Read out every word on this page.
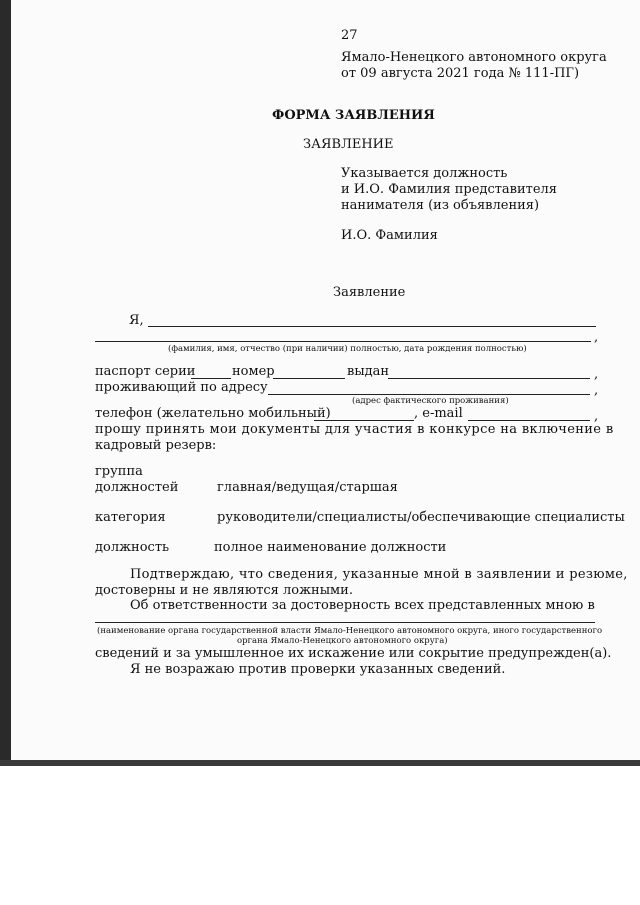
27
Ямало-Ненецкого автономного округа
от 09 августа 2021 года № 111-ПГ)
ФОРМА ЗАЯВЛЕНИЯ
ЗАЯВЛЕНИЕ
Указывается должность
и И.О. Фамилия представителя
нанимателя (из объявления)
И.О. Фамилия
Заявление
Я,
,
(фамилия, имя, отчество (при наличии) полностью, дата рождения полностью)
паспорт серии	номер	выдан	,
проживающий по адресу	,
(адрес фактического проживания)
телефон (желательно мобильный)	, e-mail	,
прошу принять мои документы для участия в конкурсе на включение в
кадровый резерв:
группа
должностей	главная/ведущая/старшая
категория	руководители/специалисты/обеспечивающие специалисты
должность	полное наименование должности
Подтверждаю, что сведения, указанные мной в заявлении и резюме,
достоверны и не являются ложными.
Об ответственности за достоверность всех представленных мною в
(наименование органа государственной власти Ямало-Ненецкого автономного округа, иного государственного
органа Ямало-Ненецкого автономного округа)
сведений и за умышленное их искажение или сокрытие предупрежден(а).
Я не возражаю против проверки указанных сведений.
